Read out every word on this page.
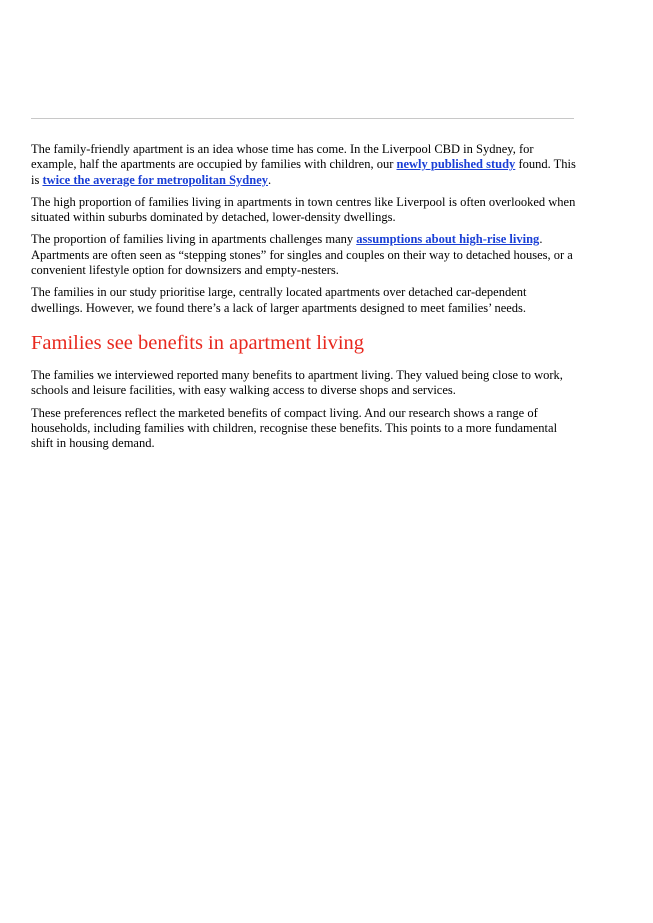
The family-friendly apartment is an idea whose time has come. In the Liverpool CBD in Sydney, for example, half the apartments are occupied by families with children, our newly published study found. This is twice the average for metropolitan Sydney.

The high proportion of families living in apartments in town centres like Liverpool is often overlooked when situated within suburbs dominated by detached, lower-density dwellings.

The proportion of families living in apartments challenges many assumptions about high-rise living. Apartments are often seen as “stepping stones” for singles and couples on their way to detached houses, or a convenient lifestyle option for downsizers and empty-nesters.

The families in our study prioritise large, centrally located apartments over detached car-dependent dwellings. However, we found there’s a lack of larger apartments designed to meet families’ needs.

Families see benefits in apartment living

The families we interviewed reported many benefits to apartment living. They valued being close to work, schools and leisure facilities, with easy walking access to diverse shops and services.

These preferences reflect the marketed benefits of compact living. And our research shows a range of households, including families with children, recognise these benefits. This points to a more fundamental shift in housing demand.
